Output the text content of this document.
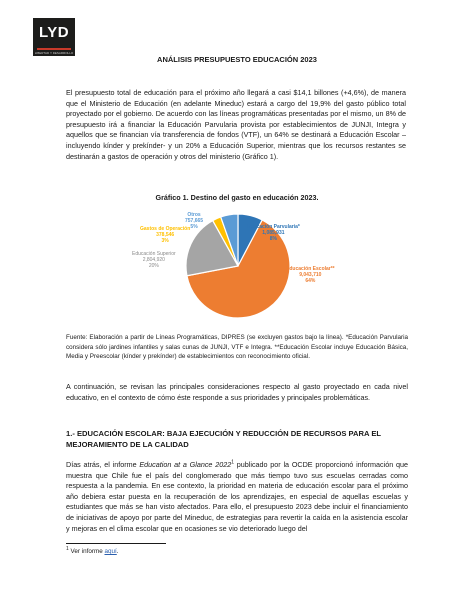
LYD
LIBERTAD Y DESARROLLO
ANÁLISIS PRESUPUESTO EDUCACIÓN 2023
El presupuesto total de educación para el próximo año llegará a casi $14,1 billones (+4,6%), de manera que el Ministerio de Educación (en adelante Mineduc) estará a cargo del 19,9% del gasto público total proyectado por el gobierno. De acuerdo con las líneas programáticas presentadas por el mismo, un 8% de presupuesto irá a financiar la Educación Parvularia provista por establecimientos de JUNJI, Integra y aquellos que se financian vía transferencia de fondos (VTF), un 64% se destinará a Educación Escolar –incluyendo kínder y prekínder- y un 20% a Educación Superior, mientras que los recursos restantes se destinarán a gastos de operación y otros del ministerio (Gráfico 1).
Gráfico 1. Destino del gasto en educación 2023.
Otros
757,665
5%	Educación Parvularia*
1,085,931
8%
Gastos de Operación
378,546
3%
Educación Superior
2,804,920
20%	Educación Escolar**
9,043,710
64%
Fuente: Elaboración a partir de Líneas Programáticas, DIPRES (se excluyen gastos bajo la línea). *Educación Parvularia considera sólo jardines infantiles y salas cunas de JUNJI, VTF e Integra. **Educación Escolar incluye Educación Básica, Media y Preescolar (kínder y prekínder) de establecimientos con reconocimiento oficial.
A continuación, se revisan las principales consideraciones respecto al gasto proyectado en cada nivel educativo, en el contexto de cómo éste responde a sus prioridades y principales problemáticas.
1.- EDUCACIÓN ESCOLAR: BAJA EJECUCIÓN Y REDUCCIÓN DE RECURSOS PARA EL MEJORAMIENTO DE LA CALIDAD
Días atrás, el informe Education at a Glance 2022$^1$ publicado por la OCDE proporcionó información que muestra que Chile fue el país del conglomerado que más tiempo tuvo sus escuelas cerradas como respuesta a la pandemia. En ese contexto, la prioridad en materia de educación escolar para el próximo año debiera estar puesta en la recuperación de los aprendizajes, en especial de aquellas escuelas y estudiantes que más se han visto afectados. Para ello, el presupuesto 2023 debe incluir el financiamiento de iniciativas de apoyo por parte del Mineduc, de estrategias para revertir la caída en la asistencia escolar y mejoras en el clima escolar que en ocasiones se vio deteriorado luego del
$^1$ Ver informe aquí.
